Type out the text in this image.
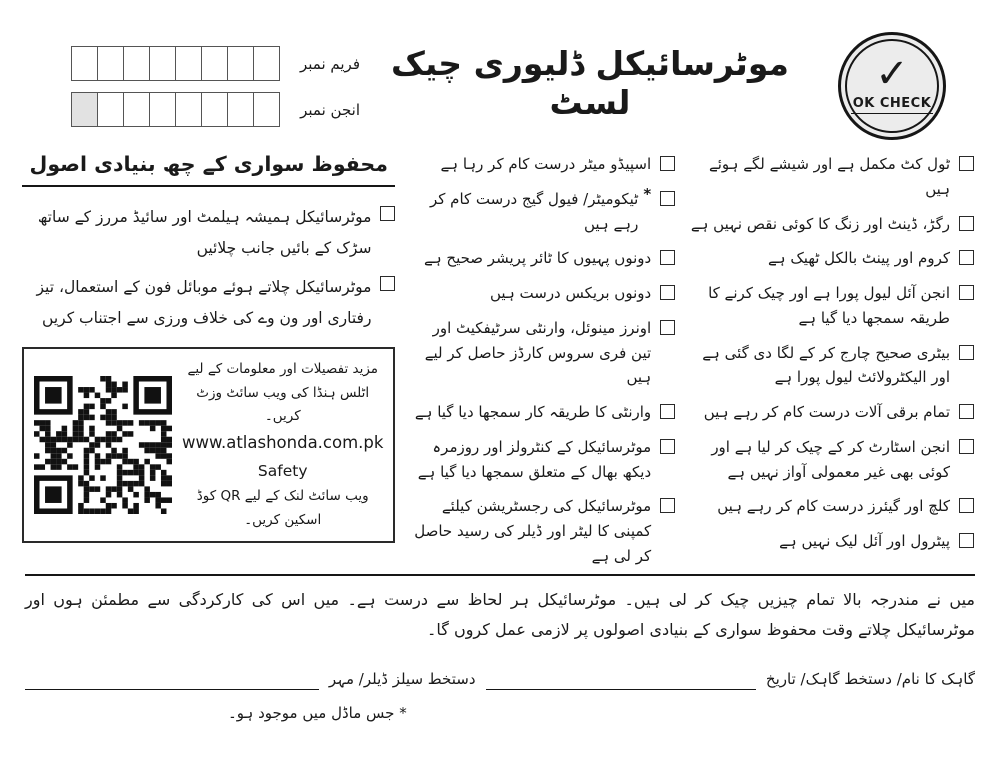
فریم نمبر
انجن نمبر
موٹرسائیکل ڈلیوری چیک لسٹ
✓
OK CHECK
ٹول کٹ مکمل ہے اور شیشے لگے ہوئے ہیں
رگڑ، ڈینٹ اور زنگ کا کوئی نقص نہیں ہے
کروم اور پینٹ بالکل ٹھیک ہے
انجن آئل لیول پورا ہے اور چیک کرنے کا طریقہ سمجھا دیا گیا ہے
بیٹری صحیح چارج کر کے لگا دی گئی ہے اور الیکٹرولائٹ لیول پورا ہے
تمام برقی آلات درست کام کر رہے ہیں
انجن اسٹارٹ کر کے چیک کر لیا ہے اور کوئی بھی غیر معمولی آواز نہیں ہے
کلچ اور گیئرز درست کام کر رہے ہیں
پیٹرول اور آئل لیک نہیں ہے
اسپیڈو میٹر درست کام کر رہا ہے
*
ٹیکومیٹر/ فیول گیج درست کام کر رہے ہیں
دونوں پہیوں کا ٹائر پریشر صحیح ہے
دونوں بریکس درست ہیں
اونرز مینوئل، وارنٹی سرٹیفکیٹ اور تین فری سروس کارڈز حاصل کر لیے ہیں
وارنٹی کا طریقہ کار سمجھا دیا گیا ہے
موٹرسائیکل کے کنٹرولز اور روزمرہ دیکھ بھال کے متعلق سمجھا دیا گیا ہے
موٹرسائیکل کی رجسٹریشن کیلئے کمپنی کا لیٹر اور ڈیلر کی رسید حاصل کر لی ہے
محفوظ سواری کے چھ بنیادی اصول
موٹرسائیکل ہمیشہ ہیلمٹ اور سائیڈ مررز کے ساتھ سڑک کے بائیں جانب چلائیں
موٹرسائیکل چلاتے ہوئے موبائل فون کے استعمال، تیز رفتاری اور ون وے کی خلاف ورزی سے اجتناب کریں
مزید تفصیلات اور معلومات کے لیے
اٹلس ہنڈا کی ویب سائٹ وزٹ کریں۔
www.atlashonda.com.pk
Safety
ویب سائٹ لنک کے لیے QR کوڈ
اسکین کریں۔

میں نے مندرجہ بالا تمام چیزیں چیک کر لی ہیں۔ موٹرسائیکل ہر لحاظ سے درست ہے۔ میں اس کی کارکردگی سے مطمئن ہوں اور موٹرسائیکل چلاتے وقت محفوظ سواری کے بنیادی اصولوں پر لازمی عمل کروں گا۔

گاہک کا نام/ دستخط گاہک/ تاریخ
دستخط سیلز ڈیلر/ مہر
* جس ماڈل میں موجود ہو۔
